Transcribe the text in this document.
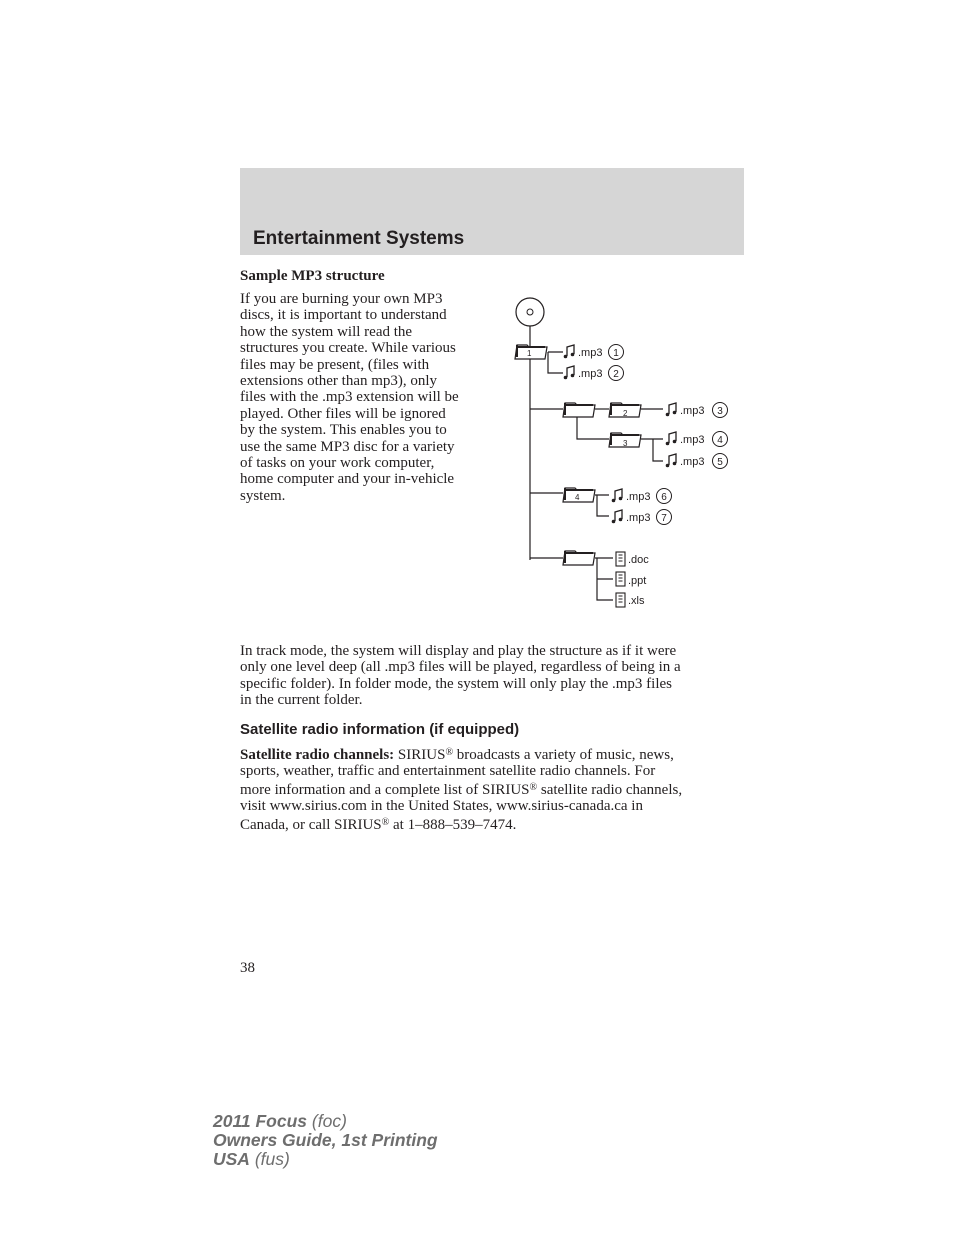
Entertainment Systems
Sample MP3 structure
If you are burning your own MP3
discs, it is important to understand
how the system will read the
structures you create. While various
files may be present, (files with
extensions other than mp3), only
files with the .mp3 extension will be
played. Other files will be ignored
by the system. This enables you to
use the same MP3 disc for a variety
of tasks on your work computer,
home computer and your in-vehicle
system.
1	.mp3 1
.mp3 2
2	.mp3 3
3	.mp3 4
.mp3 5
4	.mp3 6
.mp3 7
.doc
.ppt
.xls
In track mode, the system will display and play the structure as if it were
only one level deep (all .mp3 files will be played, regardless of being in a
specific folder). In folder mode, the system will only play the .mp3 files
in the current folder.
Satellite radio information (if equipped)
Satellite radio channels: SIRIUS® broadcasts a variety of music, news,
sports, weather, traffic and entertainment satellite radio channels. For
more information and a complete list of SIRIUS® satellite radio channels,
visit www.sirius.com in the United States, www.sirius-canada.ca in
Canada, or call SIRIUS® at 1–888–539–7474.
38
2011 Focus (foc)
Owners Guide, 1st Printing
USA (fus)
